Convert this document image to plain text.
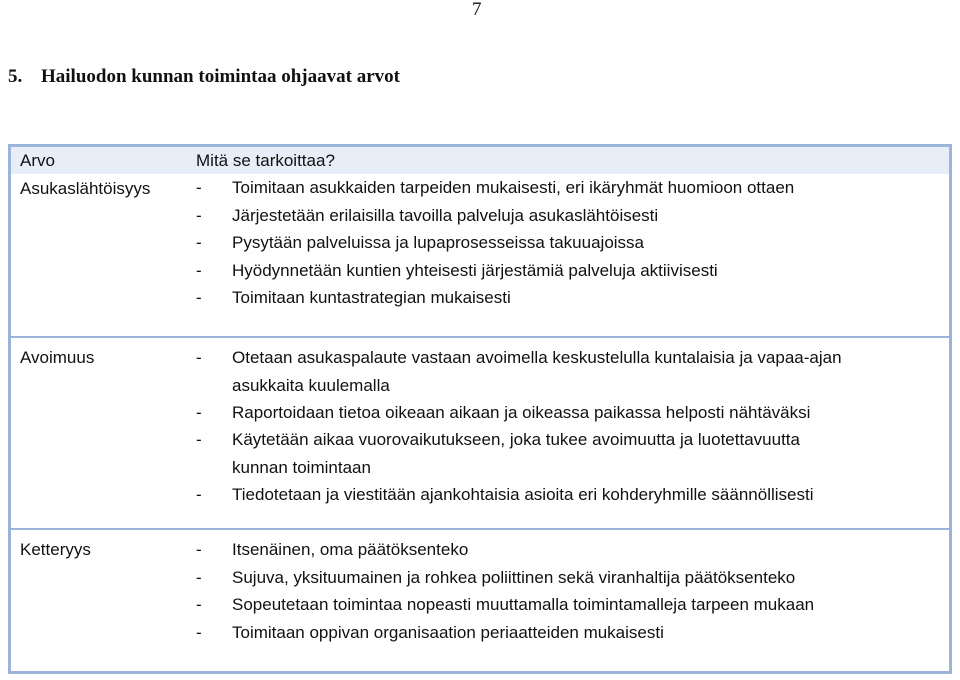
7
5. Hailuodon kunnan toimintaa ohjaavat arvot
Arvo	Mitä se tarkoittaa?
Asukaslähtöisyys	-	Toimitaan asukkaiden tarpeiden mukaisesti, eri ikäryhmät huomioon ottaen
-	Järjestetään erilaisilla tavoilla palveluja asukaslähtöisesti
-	Pysytään palveluissa ja lupaprosesseissa takuuajoissa
-	Hyödynnetään kuntien yhteisesti järjestämiä palveluja aktiivisesti
-	Toimitaan kuntastrategian mukaisesti
Avoimuus	-	Otetaan asukaspalaute vastaan avoimella keskustelulla kuntalaisia ja vapaa-ajan
asukkaita kuulemalla
-	Raportoidaan tietoa oikeaan aikaan ja oikeassa paikassa helposti nähtäväksi
-	Käytetään aikaa vuorovaikutukseen, joka tukee avoimuutta ja luotettavuutta
kunnan toimintaan
-	Tiedotetaan ja viestitään ajankohtaisia asioita eri kohderyhmille säännöllisesti
Ketteryys	-	Itsenäinen, oma päätöksenteko
-	Sujuva, yksituumainen ja rohkea poliittinen sekä viranhaltija päätöksenteko
-	Sopeutetaan toimintaa nopeasti muuttamalla toimintamalleja tarpeen mukaan
-	Toimitaan oppivan organisaation periaatteiden mukaisesti
